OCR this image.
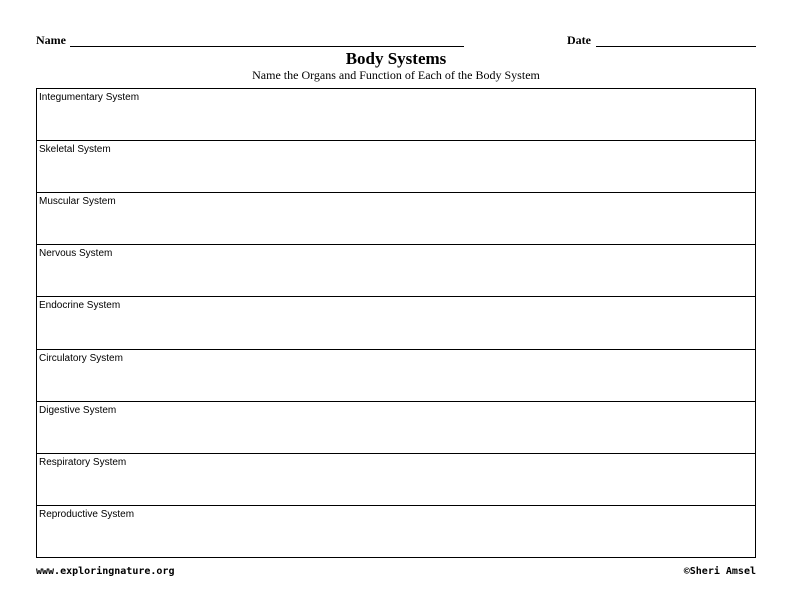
Name	Date
Body Systems
Name the Organs and Function of Each of the Body System
Integumentary System
Skeletal System
Muscular System
Nervous System
Endocrine System
Circulatory System
Digestive System
Respiratory System
Reproductive System
www.exploringnature.org	©Sheri Amsel
